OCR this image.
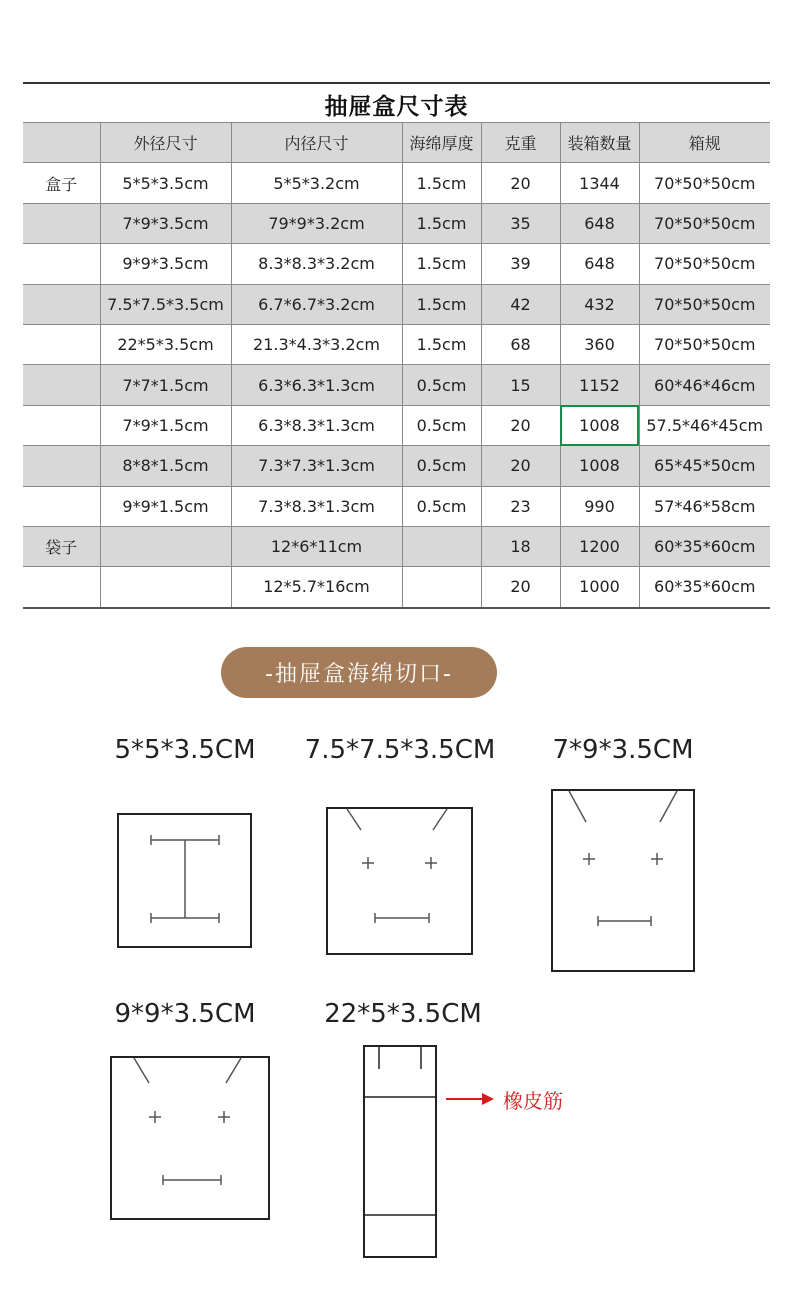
抽屉盒尺寸表
	外径尺寸	内径尺寸	海绵厚度	克重	装箱数量	箱规
盒子	5*5*3.5cm	5*5*3.2cm	1.5cm	20	1344	70*50*50cm
	7*9*3.5cm	79*9*3.2cm	1.5cm	35	648	70*50*50cm
	9*9*3.5cm	8.3*8.3*3.2cm	1.5cm	39	648	70*50*50cm
	7.5*7.5*3.5cm	6.7*6.7*3.2cm	1.5cm	42	432	70*50*50cm
	22*5*3.5cm	21.3*4.3*3.2cm	1.5cm	68	360	70*50*50cm
	7*7*1.5cm	6.3*6.3*1.3cm	0.5cm	15	1152	60*46*46cm
	7*9*1.5cm	6.3*8.3*1.3cm	0.5cm	20	1008	57.5*46*45cm
	8*8*1.5cm	7.3*7.3*1.3cm	0.5cm	20	1008	65*45*50cm
	9*9*1.5cm	7.3*8.3*1.3cm	0.5cm	23	990	57*46*58cm
袋子		12*6*11cm		18	1200	60*35*60cm
		12*5.7*16cm		20	1000	60*35*60cm
-抽屉盒海绵切口-
5*5*3.5CM 7.5*7.5*3.5CM 7*9*3.5CM
9*9*3.5CM	22*5*3.5CM
橡皮筋
